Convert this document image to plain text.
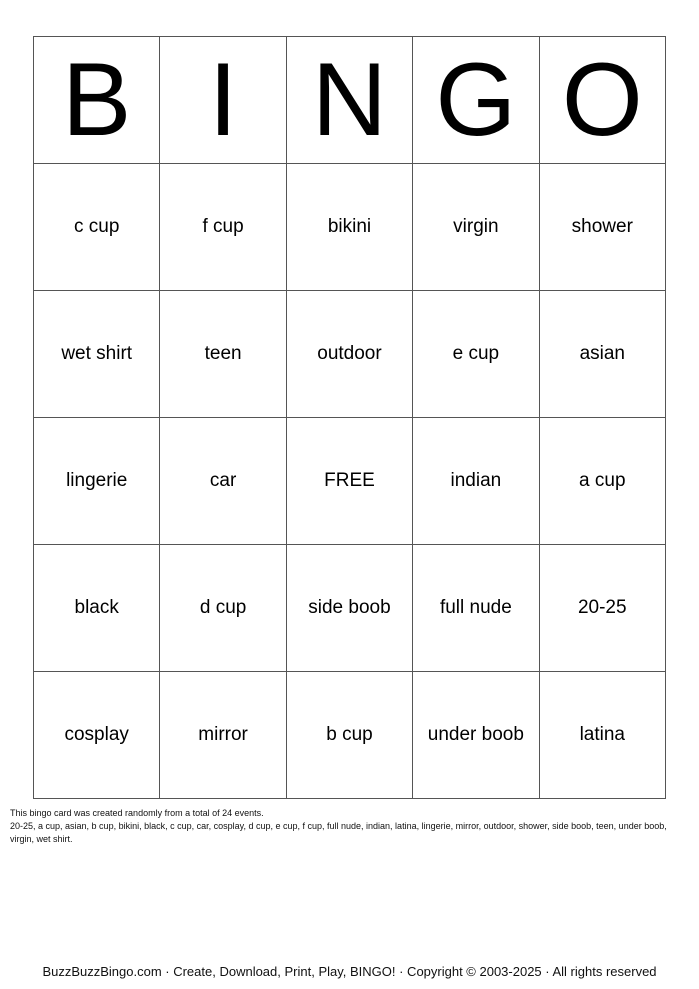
B	I	N	G	O
c cup	f cup	bikini	virgin	shower
wet shirt	teen	outdoor	e cup	asian
lingerie	car	FREE	indian	a cup
black	d cup	side boob	full nude	20-25
cosplay	mirror	b cup	under boob	latina
This bingo card was created randomly from a total of 24 events.
20-25, a cup, asian, b cup, bikini, black, c cup, car, cosplay, d cup, e cup, f cup, full nude, indian, latina, lingerie, mirror, outdoor, shower, side boob, teen, under boob, virgin, wet shirt.
BuzzBuzzBingo.com · Create, Download, Print, Play, BINGO! · Copyright © 2003-2025 · All rights reserved
